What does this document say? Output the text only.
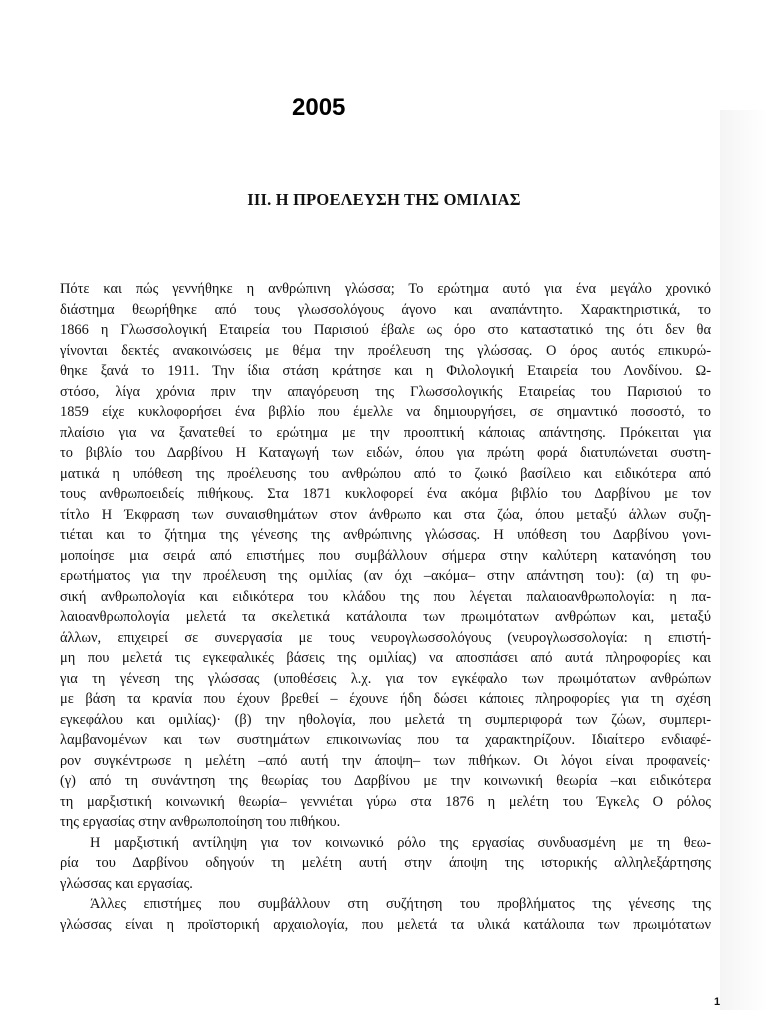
2005
III. Η ΠΡΟΕΛΕΥΣΗ ΤΗΣ ΟΜΙΛΙΑΣ
Πότε και πώς γεννήθηκε η ανθρώπινη γλώσσα; Το ερώτημα αυτό για ένα μεγάλο χρονικό
διάστημα θεωρήθηκε από τους γλωσσολόγους άγονο και αναπάντητο. Χαρακτηριστικά, το
1866 η Γλωσσολογική Εταιρεία του Παρισιού έβαλε ως όρο στο καταστατικό της ότι δεν θα
γίνονται δεκτές ανακοινώσεις με θέμα την προέλευση της γλώσσας. Ο όρος αυτός επικυρώ-
θηκε ξανά το 1911. Την ίδια στάση κράτησε και η Φιλολογική Εταιρεία του Λονδίνου. Ω-
στόσο, λίγα χρόνια πριν την απαγόρευση της Γλωσσολογικής Εταιρείας του Παρισιού το
1859 είχε κυκλοφορήσει ένα βιβλίο που έμελλε να δημιουργήσει, σε σημαντικό ποσοστό, το
πλαίσιο για να ξανατεθεί το ερώτημα με την προοπτική κάποιας απάντησης. Πρόκειται για
το βιβλίο του Δαρβίνου Η Καταγωγή των ειδών, όπου για πρώτη φορά διατυπώνεται συστη-
ματικά η υπόθεση της προέλευσης του ανθρώπου από το ζωικό βασίλειο και ειδικότερα από
τους ανθρωποειδείς πιθήκους. Στα 1871 κυκλοφορεί ένα ακόμα βιβλίο του Δαρβίνου με τον
τίτλο Η Έκφραση των συναισθημάτων στον άνθρωπο και στα ζώα, όπου μεταξύ άλλων συζη-
τιέται και το ζήτημα της γένεσης της ανθρώπινης γλώσσας. Η υπόθεση του Δαρβίνου γονι-
μοποίησε μια σειρά από επιστήμες που συμβάλλουν σήμερα στην καλύτερη κατανόηση του
ερωτήματος για την προέλευση της ομιλίας (αν όχι –ακόμα– στην απάντηση του): (α) τη φυ-
σική ανθρωπολογία και ειδικότερα του κλάδου της που λέγεται παλαιοανθρωπολογία: η πα-
λαιοανθρωπολογία μελετά τα σκελετικά κατάλοιπα των πρωιμότατων ανθρώπων και, μεταξύ
άλλων, επιχειρεί σε συνεργασία με τους νευρογλωσσολόγους (νευρογλωσσολογία: η επιστή-
μη που μελετά τις εγκεφαλικές βάσεις της ομιλίας) να αποσπάσει από αυτά πληροφορίες και
για τη γένεση της γλώσσας (υποθέσεις λ.χ. για τον εγκέφαλο των πρωιμότατων ανθρώπων
με βάση τα κρανία που έχουν βρεθεί – έχουνε ήδη δώσει κάποιες πληροφορίες για τη σχέση
εγκεφάλου και ομιλίας)· (β) την ηθολογία, που μελετά τη συμπεριφορά των ζώων, συμπερι-
λαμβανομένων και των συστημάτων επικοινωνίας που τα χαρακτηρίζουν. Ιδιαίτερο ενδιαφέ-
ρον συγκέντρωσε η μελέτη –από αυτή την άποψη– των πιθήκων. Οι λόγοι είναι προφανείς·
(γ) από τη συνάντηση της θεωρίας του Δαρβίνου με την κοινωνική θεωρία –και ειδικότερα
τη μαρξιστική κοινωνική θεωρία– γεννιέται γύρω στα 1876 η μελέτη του Έγκελς Ο ρόλος
της εργασίας στην ανθρωποποίηση του πιθήκου.
Η μαρξιστική αντίληψη για τον κοινωνικό ρόλο της εργασίας συνδυασμένη με τη θεω-
ρία του Δαρβίνου οδηγούν τη μελέτη αυτή στην άποψη της ιστορικής αλληλεξάρτησης
γλώσσας και εργασίας.
Άλλες επιστήμες που συμβάλλουν στη συζήτηση του προβλήματος της γένεσης της
γλώσσας είναι η προϊστορική αρχαιολογία, που μελετά τα υλικά κατάλοιπα των πρωιμότατων
1
